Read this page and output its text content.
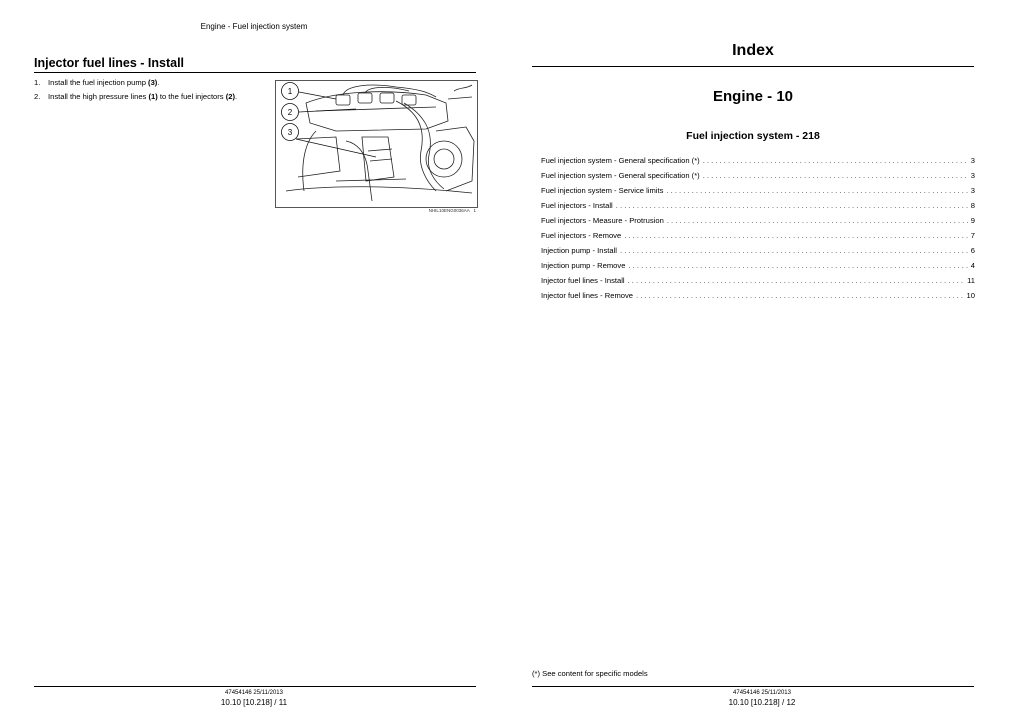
Engine - Fuel injection system
Injector fuel lines - Install
1.	Install the fuel injection pump (3).
2.	Install the high pressure lines (1) to the fuel injectors (2).
1
2
3
NHIL10ENG0036AA 1
47454146 25/11/2013
10.10 [10.218] / 11
Index
Engine - 10
Fuel injection system - 218
Fuel injection system - General specification (*) . . .	3
Fuel injection system - General specification (*) . . .	3
Fuel injection system - Service limits . . .	3
Fuel injectors - Install . . .	8
Fuel injectors - Measure - Protrusion . . .	9
Fuel injectors - Remove . . .	7
Injection pump - Install . . .	6
Injection pump - Remove . . .	4
Injector fuel lines - Install . . .	11
Injector fuel lines - Remove . . .	10
(*) See content for specific models
47454146 25/11/2013
10.10 [10.218] / 12
